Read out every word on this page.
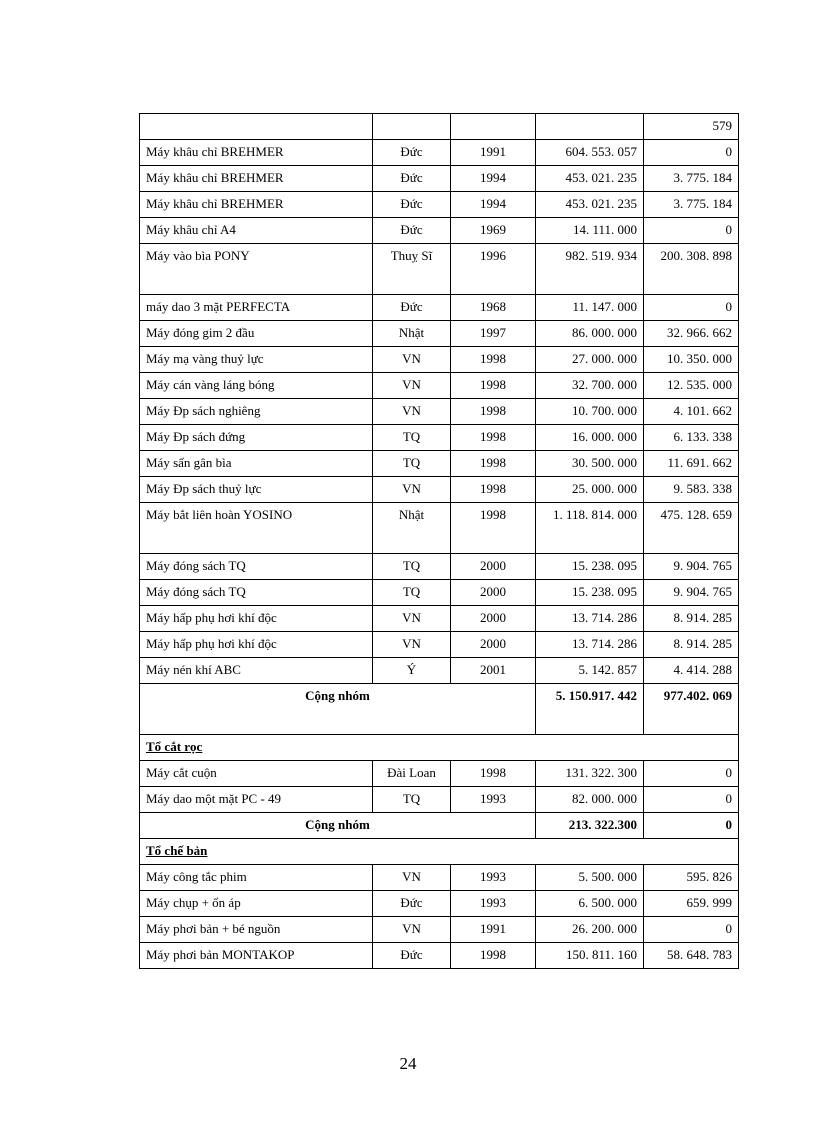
				579
Máy khâu chỉ BREHMER	Đức	1991	604. 553. 057	0
Máy khâu chỉ BREHMER	Đức	1994	453. 021. 235	3. 775. 184
Máy khâu chỉ BREHMER	Đức	1994	453. 021. 235	3. 775. 184
Máy khâu chỉ A4	Đức	1969	14. 111. 000	0
Máy vào bìa PONY	Thuỵ Sĩ	1996	982. 519. 934	200. 308. 898
máy dao 3 mặt PERFECTA	Đức	1968	11. 147. 000	0
Máy đóng gim 2 đầu	Nhật	1997	86. 000. 000	32. 966. 662
Máy mạ vàng thuỷ lực	VN	1998	27. 000. 000	10. 350. 000
Máy cán vàng láng bóng	VN	1998	32. 700. 000	12. 535. 000
Máy Đp sách nghiêng	VN	1998	10. 700. 000	4. 101. 662
Máy Đp sách đứng	TQ	1998	16. 000. 000	6. 133. 338
Máy sấn gân bìa	TQ	1998	30. 500. 000	11. 691. 662
Máy Đp sách thuỷ lực	VN	1998	25. 000. 000	9. 583. 338
Máy bắt liên hoàn YOSINO	Nhật	1998	1. 118. 814. 000	475. 128. 659
Máy đóng sách TQ	TQ	2000	15. 238. 095	9. 904. 765
Máy đóng sách TQ	TQ	2000	15. 238. 095	9. 904. 765
Máy hấp phụ hơi khí độc	VN	2000	13. 714. 286	8. 914. 285
Máy hấp phụ hơi khí độc	VN	2000	13. 714. 286	8. 914. 285
Máy nén khí ABC	Ý	2001	5. 142. 857	4. 414. 288
Cộng nhóm			5. 150.917. 442	977.402. 069
Tổ cắt rọc				
Máy cắt cuộn	Đài Loan	1998	131. 322. 300	0
Máy dao một mặt PC - 49	TQ	1993	82. 000. 000	0
Cộng nhóm			213. 322.300	0
Tổ chế bản				
Máy công tắc phim	VN	1993	5. 500. 000	595. 826
Máy chụp + ổn áp	Đức	1993	6. 500. 000	659. 999
Máy phơi bản + bé nguồn	VN	1991	26. 200. 000	0
Máy phơi bản MONTAKOP	Đức	1998	150. 811. 160	58. 648. 783
24
